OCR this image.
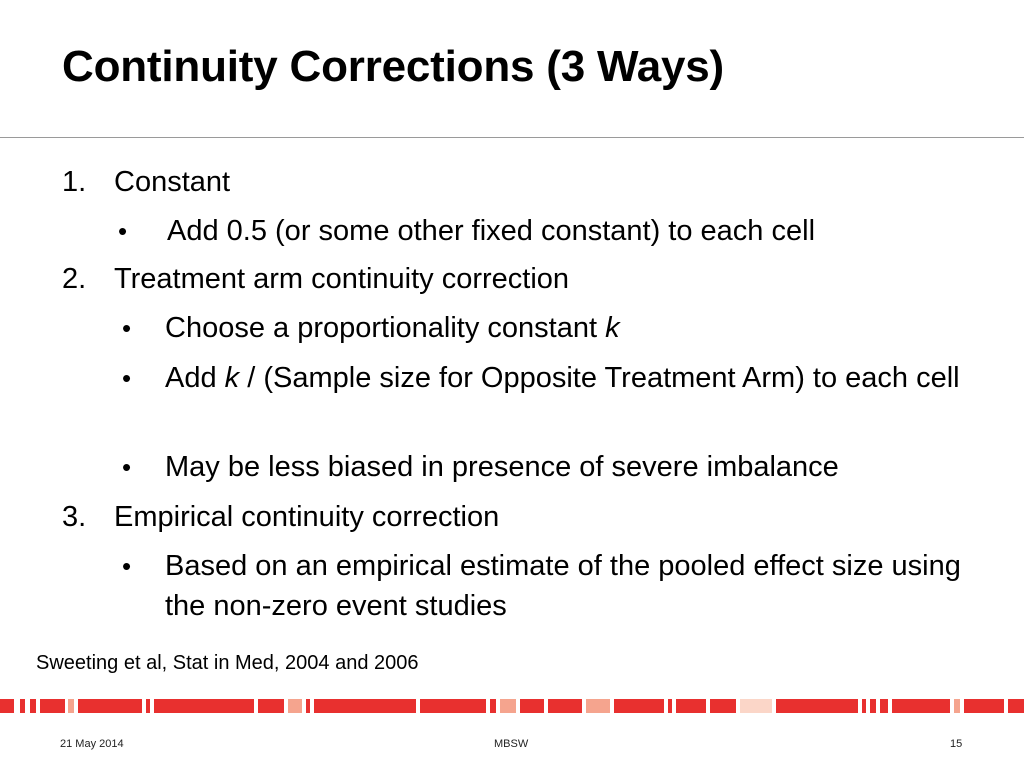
Continuity Corrections (3 Ways)
1. Constant
• Add 0.5 (or some other fixed constant) to each cell
2. Treatment arm continuity correction
• Choose a proportionality constant k
• Add k / (Sample size for Opposite Treatment Arm) to each cell
• May be less biased in presence of severe imbalance
3. Empirical continuity correction
• Based on an empirical estimate of the pooled effect size using the non-zero event studies
Sweeting et al, Stat in Med, 2004 and 2006
21 May 2014	MBSW	15
